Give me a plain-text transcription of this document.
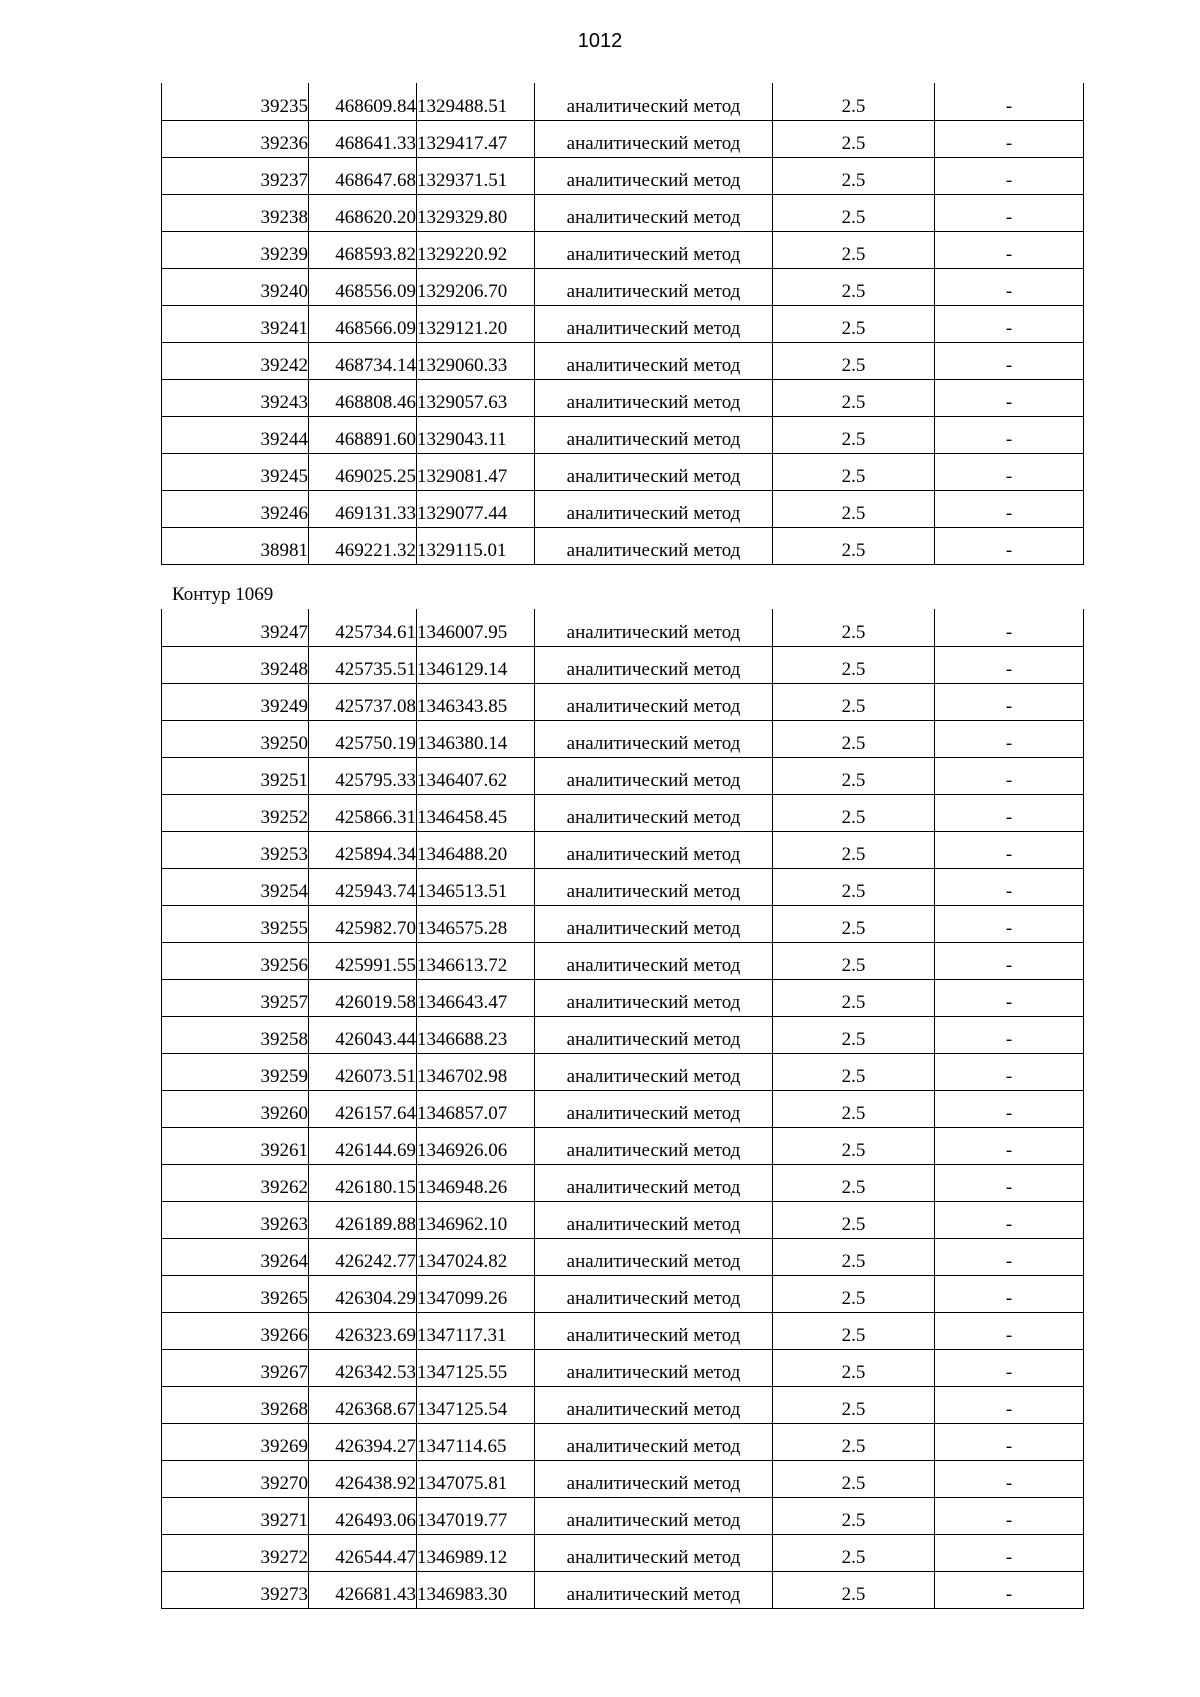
1012
39235	468609.84	1329488.51	аналитический метод	2.5	-
39236	468641.33	1329417.47	аналитический метод	2.5	-
39237	468647.68	1329371.51	аналитический метод	2.5	-
39238	468620.20	1329329.80	аналитический метод	2.5	-
39239	468593.82	1329220.92	аналитический метод	2.5	-
39240	468556.09	1329206.70	аналитический метод	2.5	-
39241	468566.09	1329121.20	аналитический метод	2.5	-
39242	468734.14	1329060.33	аналитический метод	2.5	-
39243	468808.46	1329057.63	аналитический метод	2.5	-
39244	468891.60	1329043.11	аналитический метод	2.5	-
39245	469025.25	1329081.47	аналитический метод	2.5	-
39246	469131.33	1329077.44	аналитический метод	2.5	-
38981	469221.32	1329115.01	аналитический метод	2.5	-
Контур 1069
39247	425734.61	1346007.95	аналитический метод	2.5	-
39248	425735.51	1346129.14	аналитический метод	2.5	-
39249	425737.08	1346343.85	аналитический метод	2.5	-
39250	425750.19	1346380.14	аналитический метод	2.5	-
39251	425795.33	1346407.62	аналитический метод	2.5	-
39252	425866.31	1346458.45	аналитический метод	2.5	-
39253	425894.34	1346488.20	аналитический метод	2.5	-
39254	425943.74	1346513.51	аналитический метод	2.5	-
39255	425982.70	1346575.28	аналитический метод	2.5	-
39256	425991.55	1346613.72	аналитический метод	2.5	-
39257	426019.58	1346643.47	аналитический метод	2.5	-
39258	426043.44	1346688.23	аналитический метод	2.5	-
39259	426073.51	1346702.98	аналитический метод	2.5	-
39260	426157.64	1346857.07	аналитический метод	2.5	-
39261	426144.69	1346926.06	аналитический метод	2.5	-
39262	426180.15	1346948.26	аналитический метод	2.5	-
39263	426189.88	1346962.10	аналитический метод	2.5	-
39264	426242.77	1347024.82	аналитический метод	2.5	-
39265	426304.29	1347099.26	аналитический метод	2.5	-
39266	426323.69	1347117.31	аналитический метод	2.5	-
39267	426342.53	1347125.55	аналитический метод	2.5	-
39268	426368.67	1347125.54	аналитический метод	2.5	-
39269	426394.27	1347114.65	аналитический метод	2.5	-
39270	426438.92	1347075.81	аналитический метод	2.5	-
39271	426493.06	1347019.77	аналитический метод	2.5	-
39272	426544.47	1346989.12	аналитический метод	2.5	-
39273	426681.43	1346983.30	аналитический метод	2.5	-
